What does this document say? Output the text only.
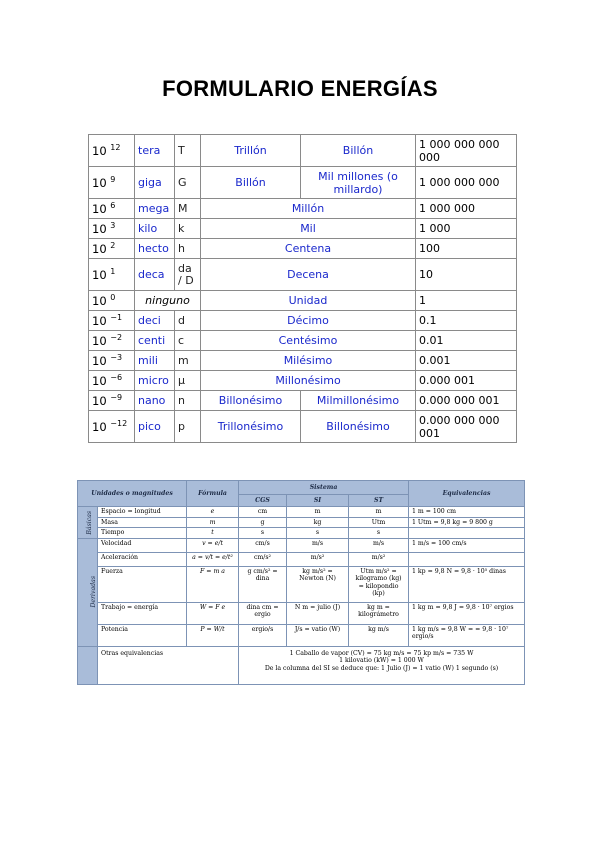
FORMULARIO ENERGÍAS
10 $^{12}$	tera	T	Trillón	Billón	1 000 000 000 000
10 $^9$	giga	G	Billón	Mil millones (o millardo)	1 000 000 000
10 $^6$	mega	M	Millón		1 000 000
10 $^3$	kilo	k	Mil		1 000
10 $^2$	hecto	h	Centena		100
10 $^1$	deca	da / D	Decena		10
10 $^0$	ninguno		Unidad		1
10 $^{-1}$	deci	d	Décimo		0.1
10 $^{-2}$	centi	c	Centésimo		0.01
10 $^{-3}$	mili	m	Milésimo		0.001
10 $^{-6}$	micro	µ	Millonésimo		0.000 001
10 $^{-9}$	nano	n	Billonésimo	Milmillonésimo	0.000 000 001
10 $^{-12}$	pico	p	Trillonésimo	Billonésimo	0.000 000 000 001
Unidades o magnitudes		Fórmula	Sistema			Equivalencias
			CGS	SI	ST	
Básicas	Espacio = longitud	e	cm	m	m	1 m = 100 cm
	Masa	m	g	kg	Utm	1 Utm = 9,8 kg = 9 800 g
	Tiempo	t	s	s	s	
Derivadas	Velocidad	v = e/t	cm/s	m/s	m/s	1 m/s = 100 cm/s
	Aceleración	a = v/t = e/t²	cm/s²	m/s²	m/s²	
	Fuerza	F = m a	g cm/s² = dina	kg m/s² = Newton (N)	Utm m/s² = kilogramo (kg) = kilopondio (kp)	1 kp = 9,8 N = 9,8 · 10⁵ dinas
	Trabajo = energía	W = F e	dina cm = ergio	N m = julio (J)	kg m = kilográmetro	1 kg m = 9,8 J = 9,8 · 10⁷ ergios
	Potencia	P = W/t	ergio/s	J/s = vatio (W)	kg m/s	1 kg m/s = 9,8 W = = 9,8 · 10⁷ ergio/s
	Otras equivalencias		1 Caballo de vapor (CV) = 75 kg m/s = 75 kp m/s = 735 W
1 kilovatio (kW) = 1 000 W
De la columna del SI se deduce que: 1 Julio (J) = 1 vatio (W) 1 segundo (s)			
